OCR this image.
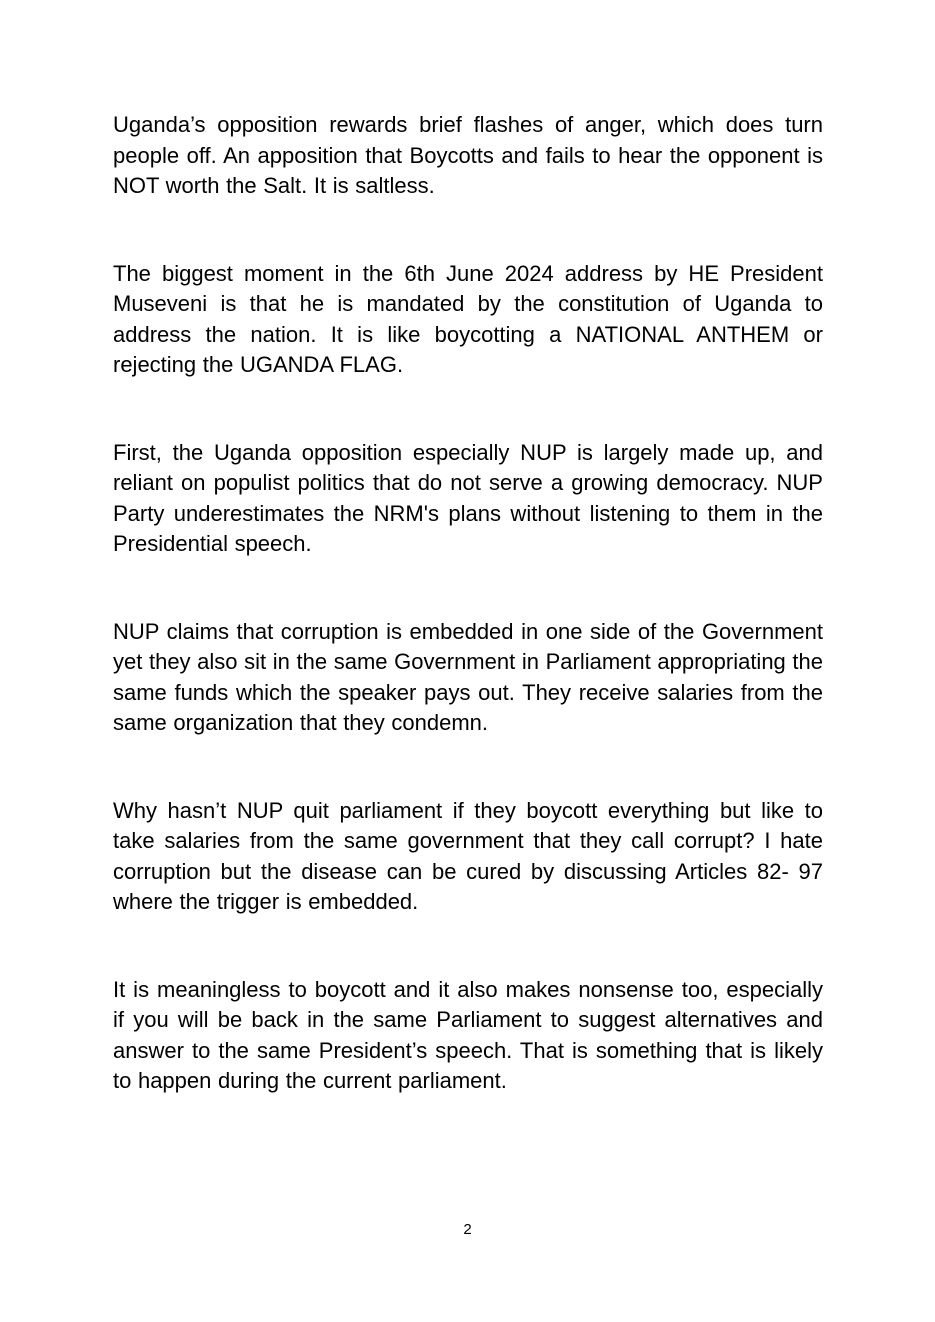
Uganda’s opposition rewards brief flashes of anger, which does turn people off. An apposition that Boycotts and fails to hear the opponent is NOT worth the Salt. It is saltless.

The biggest moment in the 6th June 2024 address by HE President Museveni is that he is mandated by the constitution of Uganda to address the nation. It is like boycotting a NATIONAL ANTHEM or rejecting the UGANDA FLAG.

First, the Uganda opposition especially NUP is largely made up, and reliant on populist politics that do not serve a growing democracy. NUP Party underestimates the NRM's plans without listening to them in the Presidential speech.

NUP claims that corruption is embedded in one side of the Government yet they also sit in the same Government in Parliament appropriating the same funds which the speaker pays out. They receive salaries from the same organization that they condemn.

Why hasn’t NUP quit parliament if they boycott everything but like to take salaries from the same government that they call corrupt? I hate corruption but the disease can be cured by discussing Articles 82- 97 where the trigger is embedded.

It is meaningless to boycott and it also makes nonsense too, especially if you will be back in the same Parliament to suggest alternatives and answer to the same President’s speech. That is something that is likely to happen during the current parliament.

2
